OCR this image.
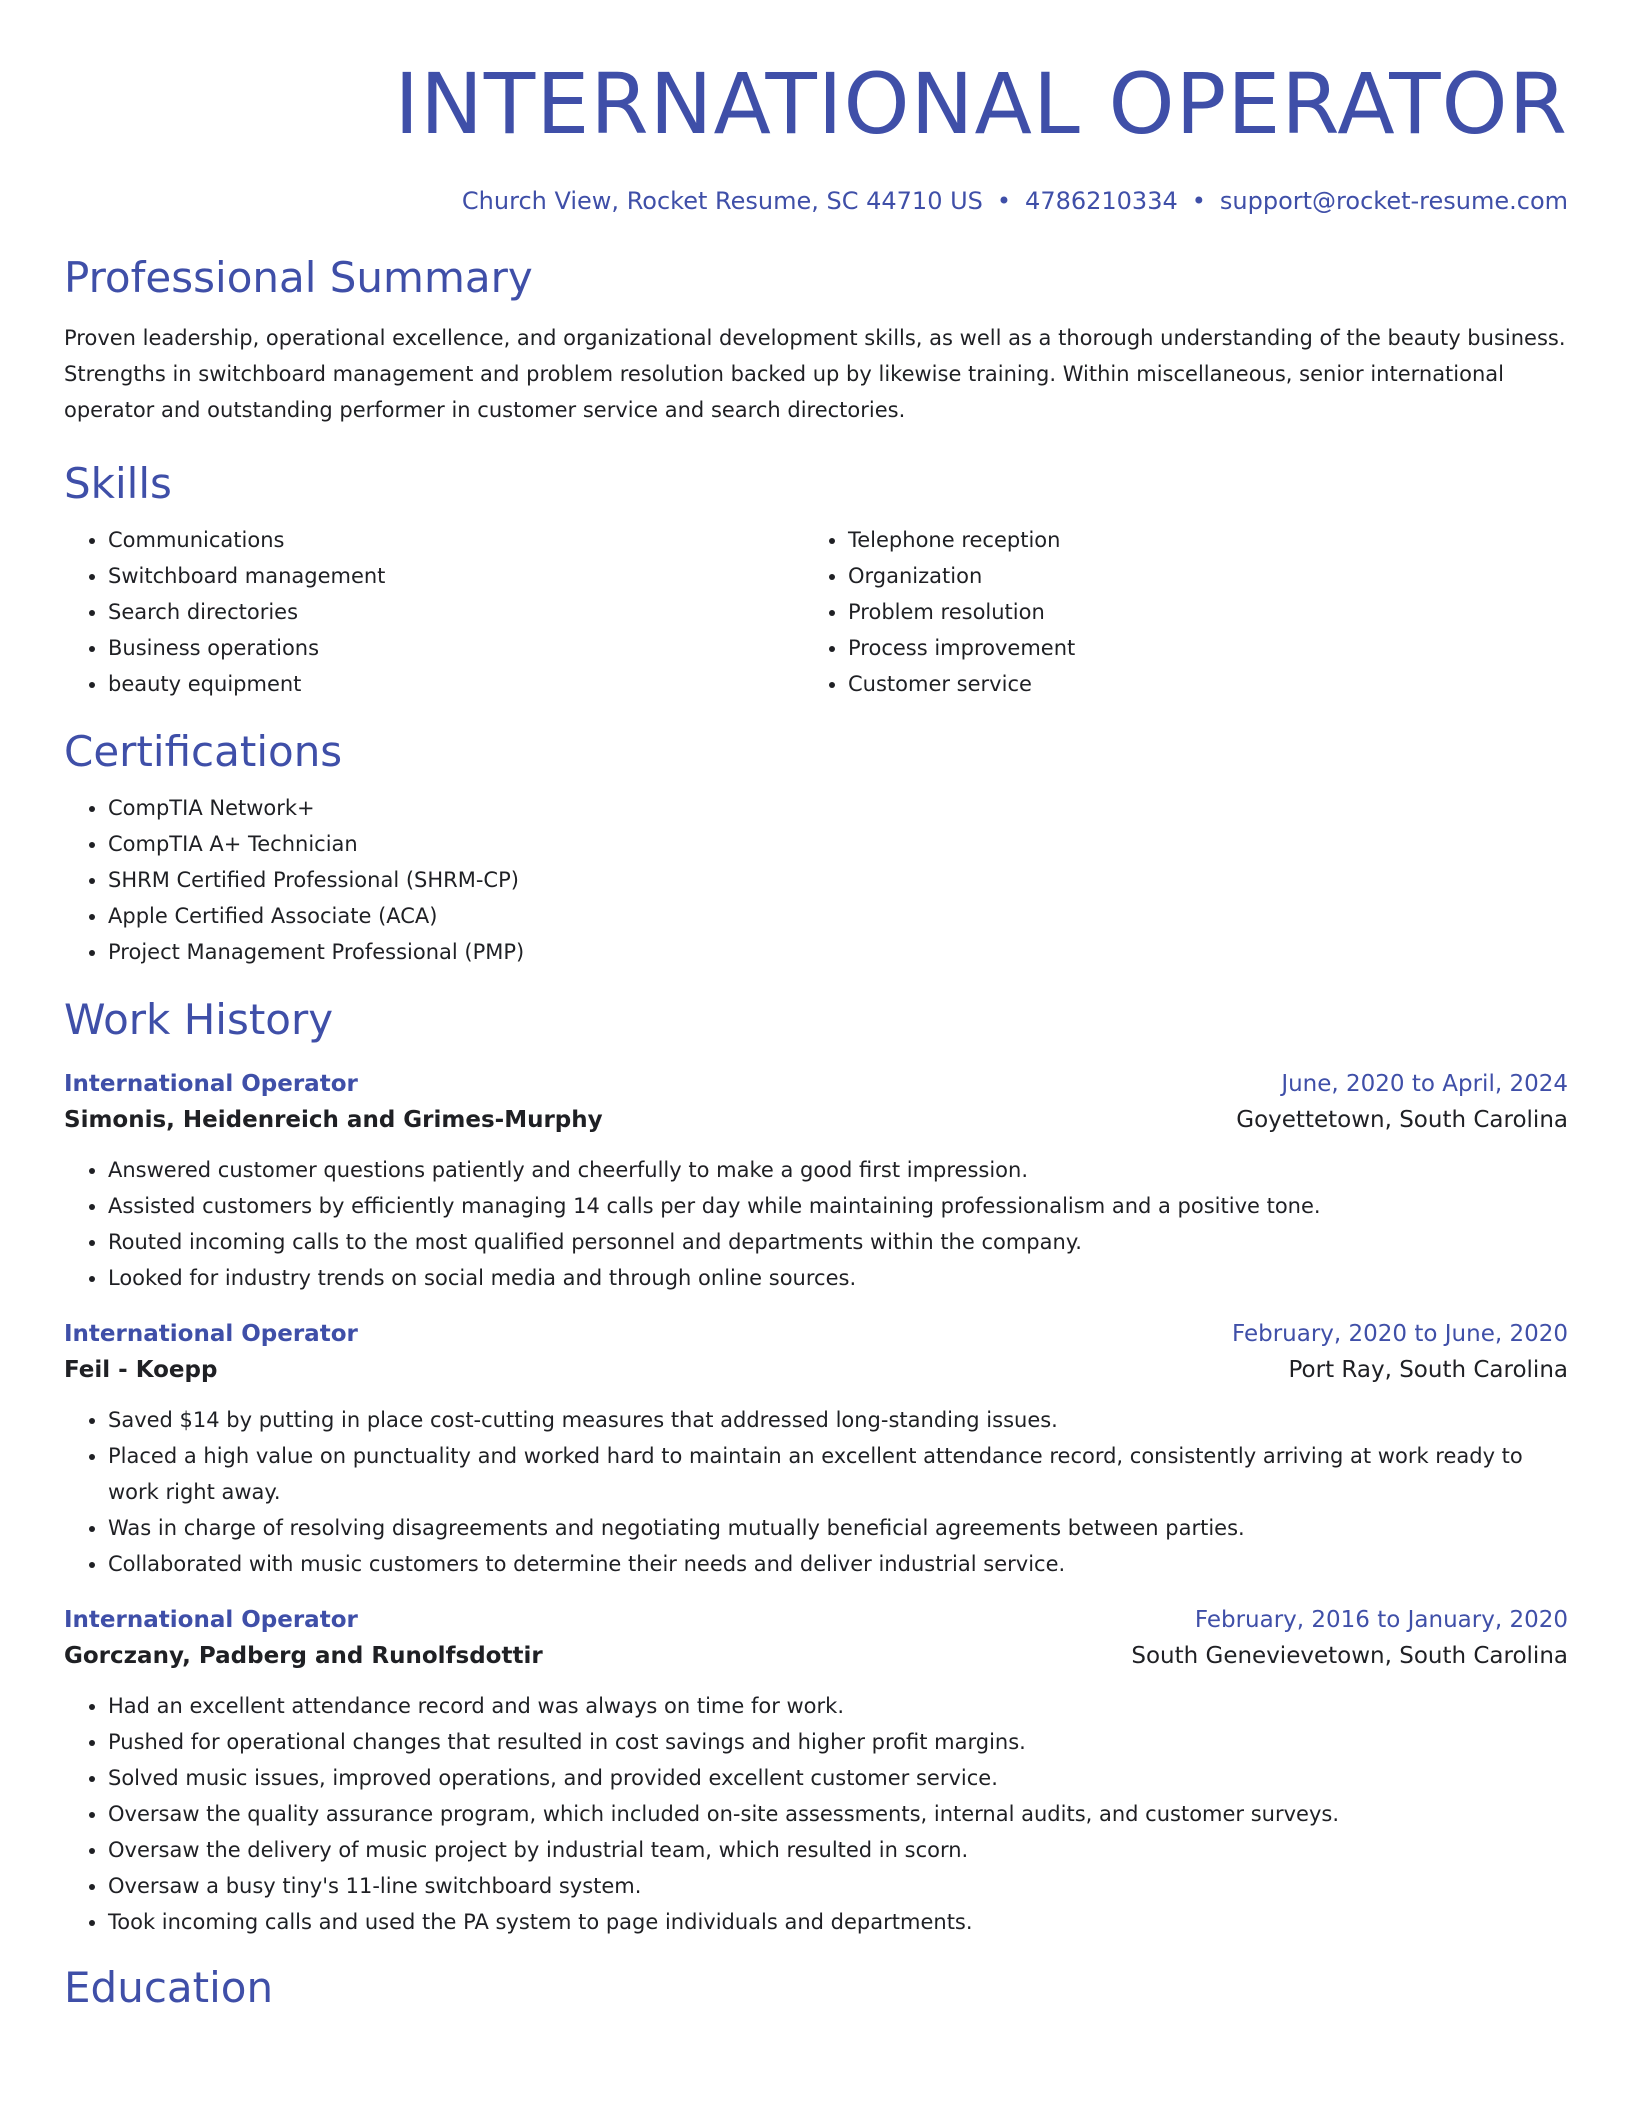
INTERNATIONAL OPERATOR
Church View, Rocket Resume, SC 44710 US • 4786210334 • support@rocket-resume.com
Professional Summary
Proven leadership, operational excellence, and organizational development skills, as well as a thorough understanding of the beauty business. Strengths in switchboard management and problem resolution backed up by likewise training. Within miscellaneous, senior international operator and outstanding performer in customer service and search directories.
Skills
• Communications
• Switchboard management
• Search directories
• Business operations
• beauty equipment
• Telephone reception
• Organization
• Problem resolution
• Process improvement
• Customer service
Certifications
• CompTIA Network+
• CompTIA A+ Technician
• SHRM Certified Professional (SHRM-CP)
• Apple Certified Associate (ACA)
• Project Management Professional (PMP)
Work History
International Operator	June, 2020 to April, 2024
Simonis, Heidenreich and Grimes-Murphy	Goyettetown, South Carolina
• Answered customer questions patiently and cheerfully to make a good first impression.
• Assisted customers by efficiently managing 14 calls per day while maintaining professionalism and a positive tone.
• Routed incoming calls to the most qualified personnel and departments within the company.
• Looked for industry trends on social media and through online sources.
International Operator	February, 2020 to June, 2020
Feil - Koepp	Port Ray, South Carolina
• Saved $14 by putting in place cost-cutting measures that addressed long-standing issues.
• Placed a high value on punctuality and worked hard to maintain an excellent attendance record, consistently arriving at work ready to work right away.
• Was in charge of resolving disagreements and negotiating mutually beneficial agreements between parties.
• Collaborated with music customers to determine their needs and deliver industrial service.
International Operator	February, 2016 to January, 2020
Gorczany, Padberg and Runolfsdottir	South Genevievetown, South Carolina
• Had an excellent attendance record and was always on time for work.
• Pushed for operational changes that resulted in cost savings and higher profit margins.
• Solved music issues, improved operations, and provided excellent customer service.
• Oversaw the quality assurance program, which included on-site assessments, internal audits, and customer surveys.
• Oversaw the delivery of music project by industrial team, which resulted in scorn.
• Oversaw a busy tiny's 11-line switchboard system.
• Took incoming calls and used the PA system to page individuals and departments.
Education
